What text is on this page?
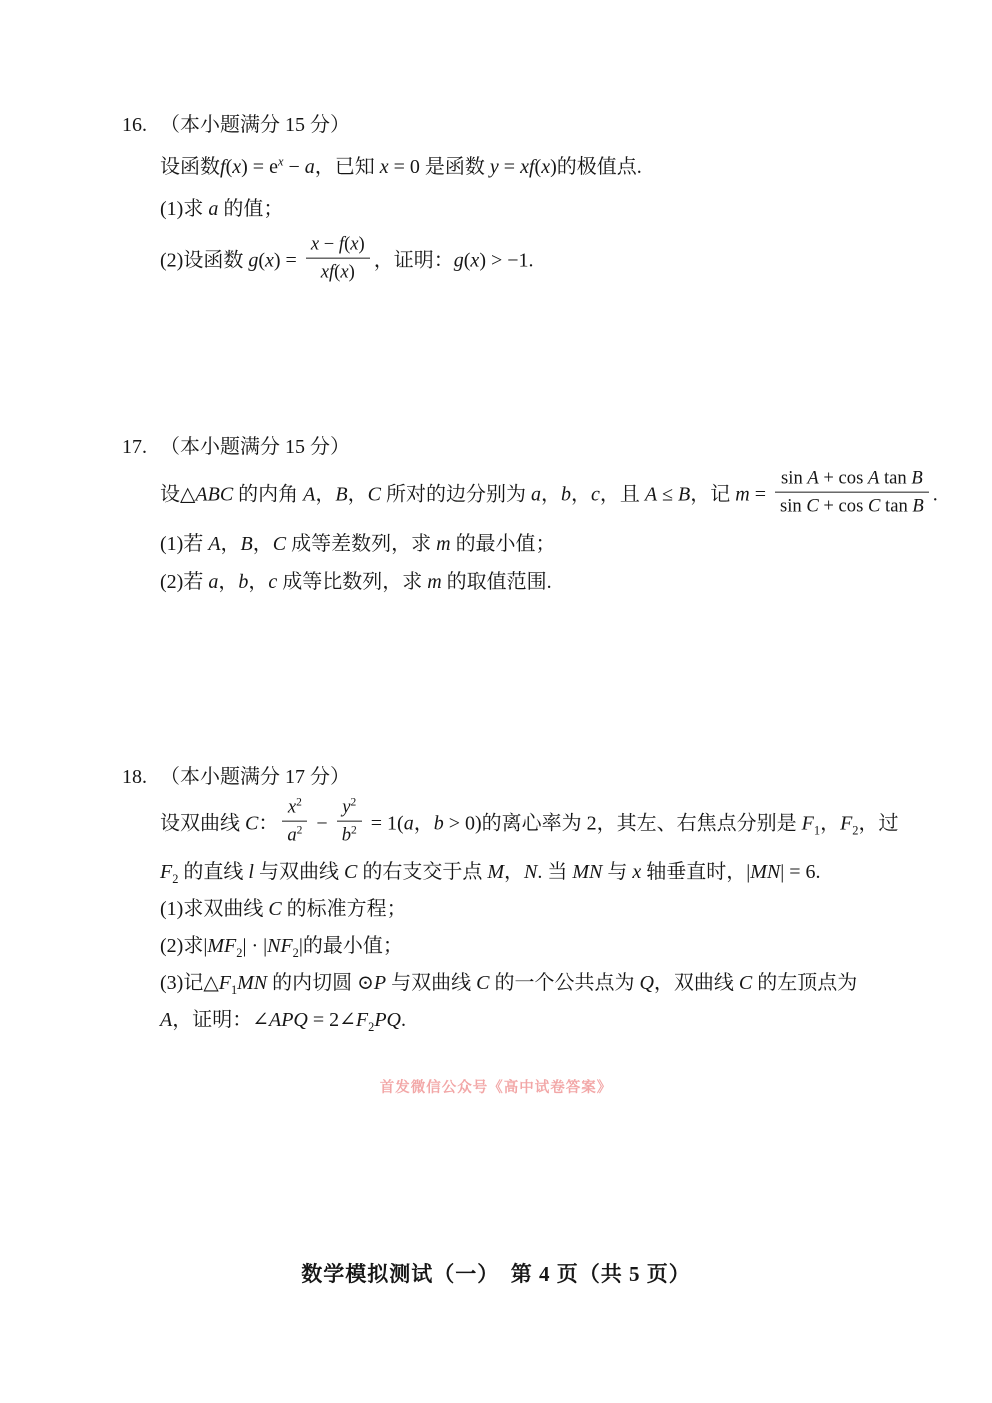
16. （本小题满分 15 分）
设函数$f(x) = e^x - a$，已知 x = 0 是函数 y = xf(x)的极值点.
(1)求 a 的值；
(2)设函数 $g(x) = \frac{x - f(x)}{xf(x)}$ ，证明：g(x) > −1.
17. （本小题满分 15 分）
设△ABC 的内角 A，B，C 所对的边分别为 a，b，c，且 A ≤ B，记 $m = \frac{\text{sin A + cos A tan B}}{\text{sin C + cos C tan B}}$ .
(1)若 A，B，C 成等差数列，求 m 的最小值；
(2)若 a，b，c 成等比数列，求 m 的取值范围.
18. （本小题满分 17 分）
设双曲线 C： $\frac{x^2}{a^2} - \frac{y^2}{b^2} = 1(a$，b > 0)的离心率为 2，其左、右焦点分别是 $F_1$，$F_2$，过
$F_2$ 的直线 l 与双曲线 C 的右支交于点 M，N. 当 MN 与 x 轴垂直时，|MN| = 6.
(1)求双曲线 C 的标准方程；
(2)求$|MF_2| \cdot |NF_2|$的最小值；
(3)记$\triangle F_1MN$ 的内切圆 ⊙P 与双曲线 C 的一个公共点为 Q，双曲线 C 的左顶点为
A，证明：∠APQ = $2\angle F_2PQ$.
首发微信公众号《高中试卷答案》
数学模拟测试（一）　第 4 页（共 5 页）
